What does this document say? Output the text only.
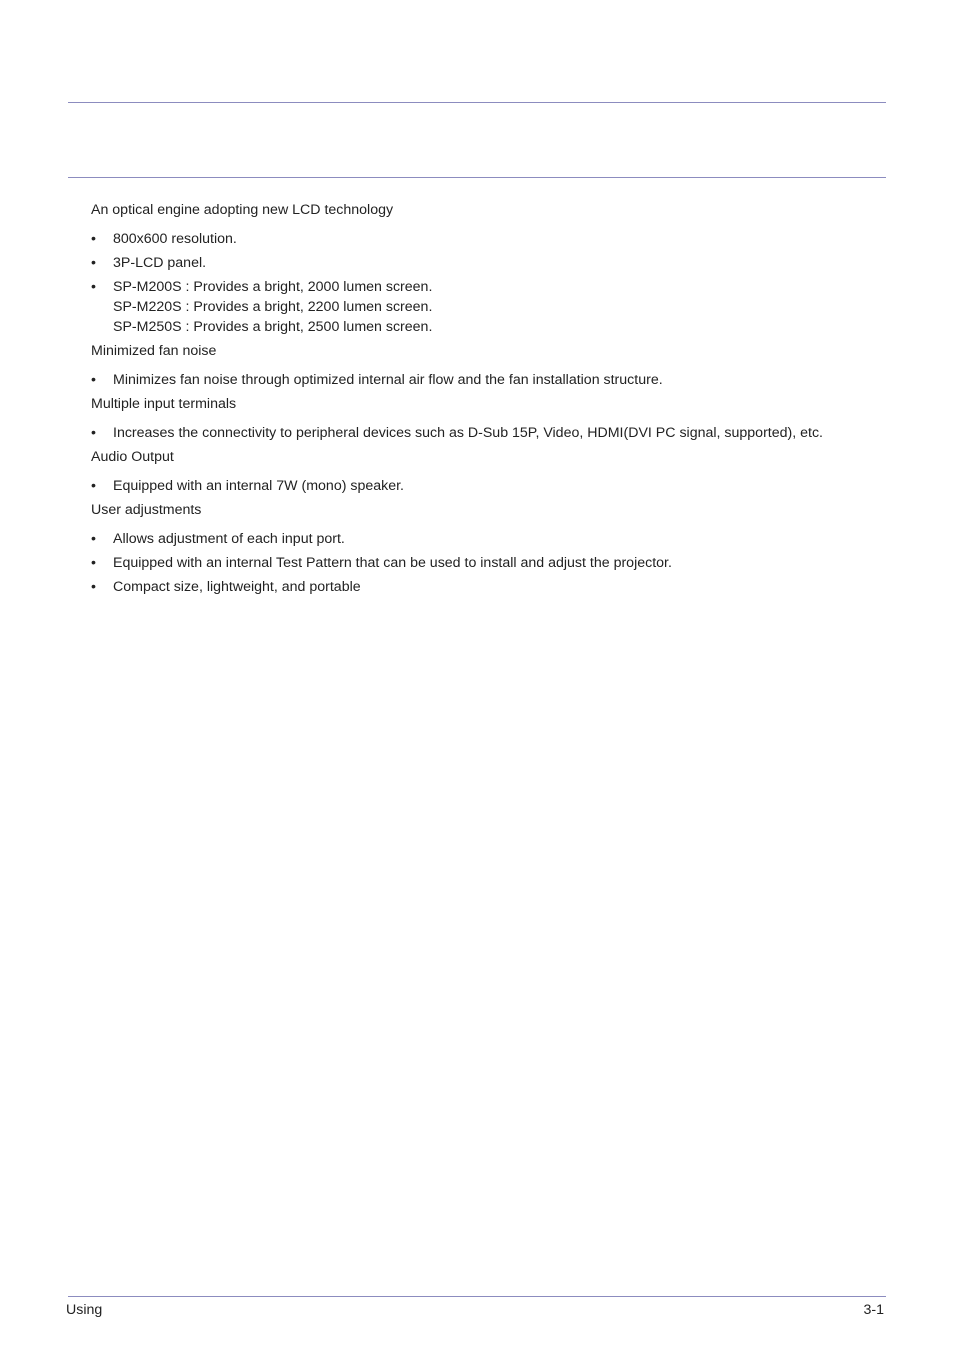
An optical engine adopting new LCD technology
•	800x600 resolution.
•	3P-LCD panel.
•	SP-M200S : Provides a bright, 2000 lumen screen.
SP-M220S : Provides a bright, 2200 lumen screen.
SP-M250S : Provides a bright, 2500 lumen screen.
Minimized fan noise
•	Minimizes fan noise through optimized internal air flow and the fan installation structure.
Multiple input terminals
•	Increases the connectivity to peripheral devices such as D-Sub 15P, Video, HDMI(DVI PC signal, supported), etc.
Audio Output
•	Equipped with an internal 7W (mono) speaker.
User adjustments
•	Allows adjustment of each input port.
•	Equipped with an internal Test Pattern that can be used to install and adjust the projector.
•	Compact size, lightweight, and portable
Using	3-1
